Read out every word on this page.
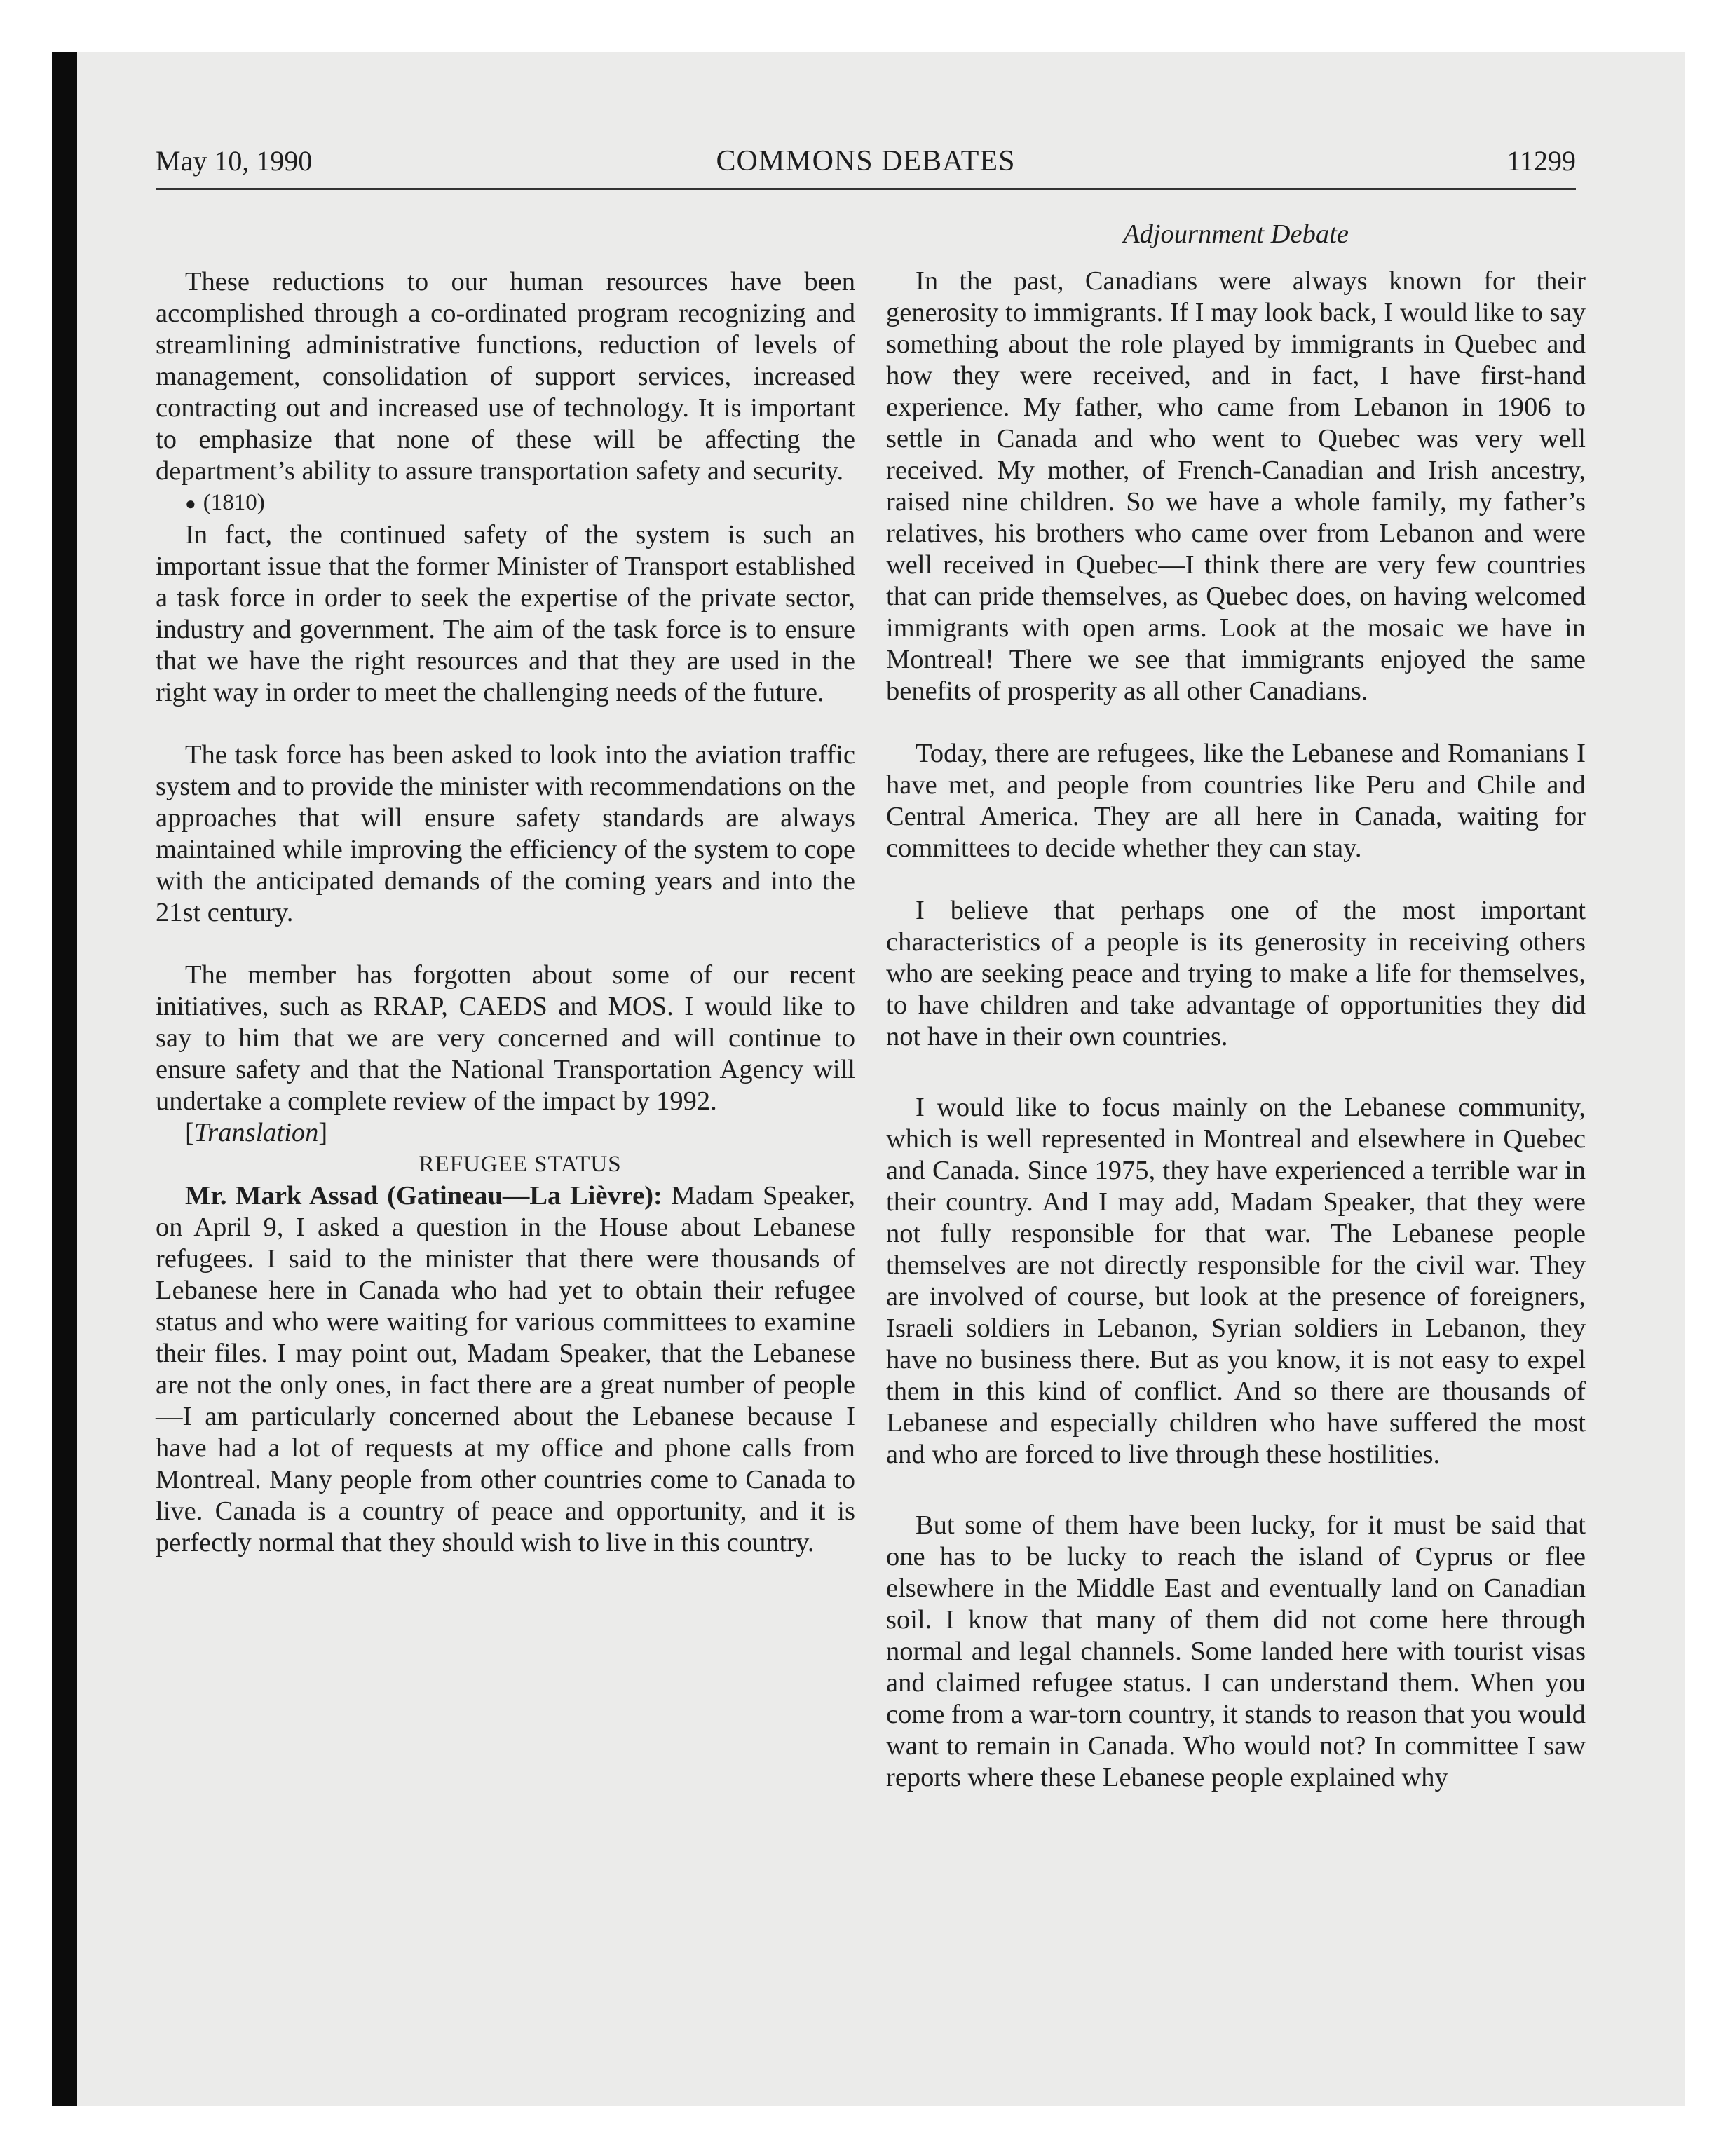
May 10, 1990	COMMONS DEBATES	11299

These reductions to our human resources have been accomplished through a co-ordinated program recognizing and streamlining administrative functions, reduction of levels of management, consolidation of support services, increased contracting out and increased use of technology. It is important to emphasize that none of these will be affecting the department’s ability to assure transportation safety and security.

● (1810)

In fact, the continued safety of the system is such an important issue that the former Minister of Transport established a task force in order to seek the expertise of the private sector, industry and government. The aim of the task force is to ensure that we have the right resources and that they are used in the right way in order to meet the challenging needs of the future.

The task force has been asked to look into the aviation traffic system and to provide the minister with recommendations on the approaches that will ensure safety standards are always maintained while improving the efficiency of the system to cope with the anticipated demands of the coming years and into the 21st century.

The member has forgotten about some of our recent initiatives, such as RRAP, CAEDS and MOS. I would like to say to him that we are very concerned and will continue to ensure safety and that the National Transportation Agency will undertake a complete review of the impact by 1992.

[Translation]

REFUGEE STATUS

Mr. Mark Assad (Gatineau—La Lièvre): Madam Speaker, on April 9, I asked a question in the House about Lebanese refugees. I said to the minister that there were thousands of Lebanese here in Canada who had yet to obtain their refugee status and who were waiting for various committees to examine their files. I may point out, Madam Speaker, that the Lebanese are not the only ones, in fact there are a great number of people—I am particularly concerned about the Lebanese because I have had a lot of requests at my office and phone calls from Montreal. Many people from other countries come to Canada to live. Canada is a country of peace and opportunity, and it is perfectly normal that they should wish to live in this country.

Adjournment Debate

In the past, Canadians were always known for their generosity to immigrants. If I may look back, I would like to say something about the role played by immigrants in Quebec and how they were received, and in fact, I have first-hand experience. My father, who came from Lebanon in 1906 to settle in Canada and who went to Quebec was very well received. My mother, of French-Canadian and Irish ancestry, raised nine children. So we have a whole family, my father’s relatives, his brothers who came over from Lebanon and were well received in Quebec—I think there are very few countries that can pride themselves, as Quebec does, on having welcomed immigrants with open arms. Look at the mosaic we have in Montreal! There we see that immigrants enjoyed the same benefits of prosperity as all other Canadians.

Today, there are refugees, like the Lebanese and Romanians I have met, and people from countries like Peru and Chile and Central America. They are all here in Canada, waiting for committees to decide whether they can stay.

I believe that perhaps one of the most important characteristics of a people is its generosity in receiving others who are seeking peace and trying to make a life for themselves, to have children and take advantage of opportunities they did not have in their own countries.

I would like to focus mainly on the Lebanese community, which is well represented in Montreal and elsewhere in Quebec and Canada. Since 1975, they have experienced a terrible war in their country. And I may add, Madam Speaker, that they were not fully responsible for that war. The Lebanese people themselves are not directly responsible for the civil war. They are involved of course, but look at the presence of foreigners, Israeli soldiers in Lebanon, Syrian soldiers in Lebanon, they have no business there. But as you know, it is not easy to expel them in this kind of conflict. And so there are thousands of Lebanese and especially children who have suffered the most and who are forced to live through these hostilities.

But some of them have been lucky, for it must be said that one has to be lucky to reach the island of Cyprus or flee elsewhere in the Middle East and eventually land on Canadian soil. I know that many of them did not come here through normal and legal channels. Some landed here with tourist visas and claimed refugee status. I can understand them. When you come from a war-torn country, it stands to reason that you would want to remain in Canada. Who would not? In committee I saw reports where these Lebanese people explained why
